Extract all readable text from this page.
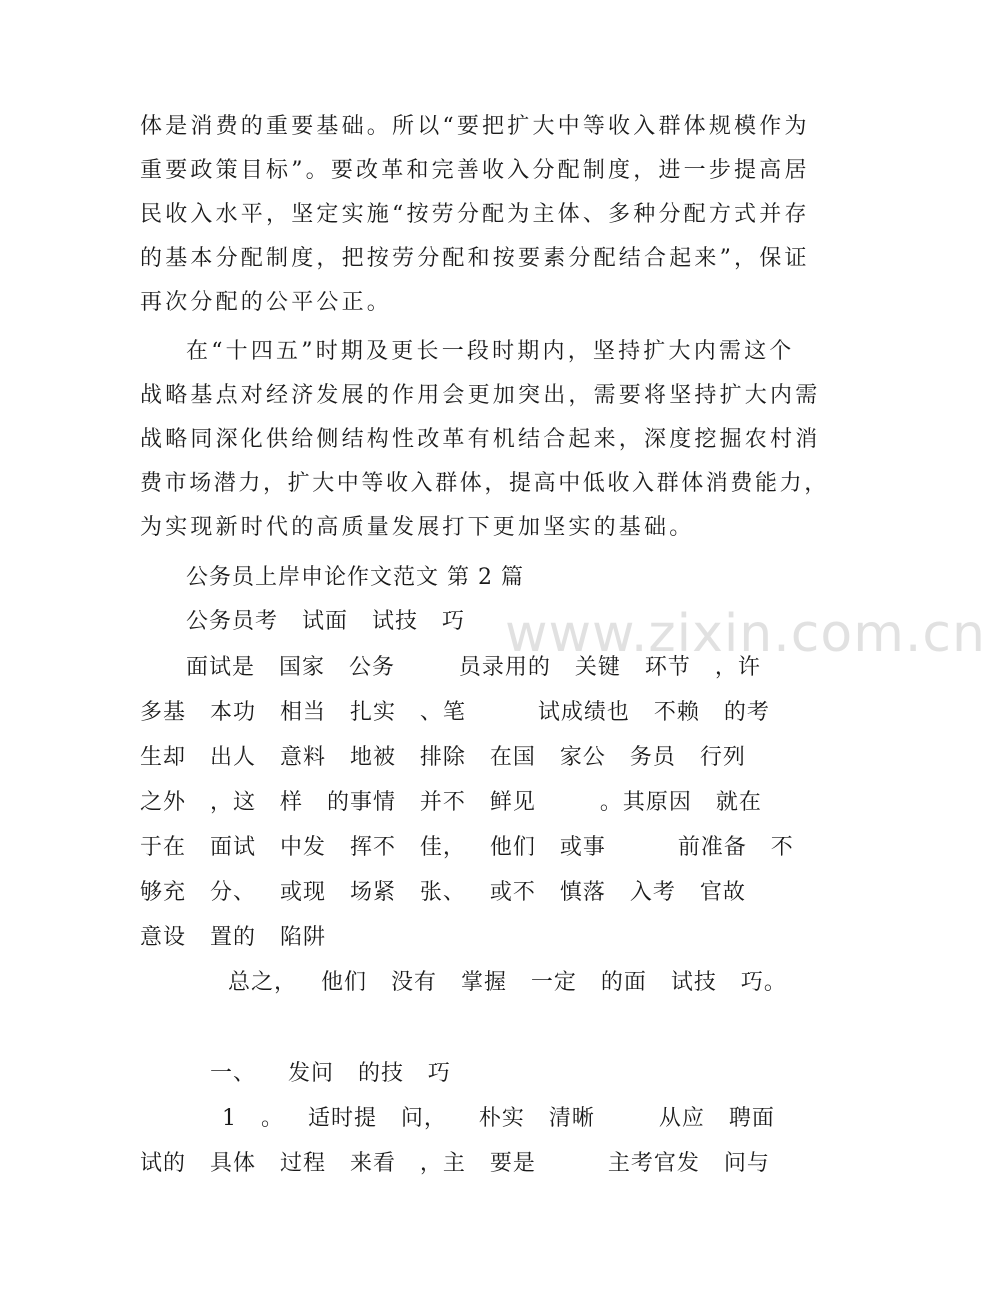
www.zixin.com.cn
体是消费的重要基础。所以“要把扩大中等收入群体规模作为
重要政策目标”。要改革和完善收入分配制度，进一步提高居
民收入水平，坚定实施“按劳分配为主体、多种分配方式并存
的基本分配制度，把按劳分配和按要素分配结合起来”，保证
再次分配的公平公正。
在“十四五”时期及更长一段时期内，坚持扩大内需这个
战略基点对经济发展的作用会更加突出，需要将坚持扩大内需
战略同深化供给侧结构性改革有机结合起来，深度挖掘农村消
费市场潜力，扩大中等收入群体，提高中低收入群体消费能力，
为实现新时代的高质量发展打下更加坚实的基础。
公务员上岸申论作文范文 第 2 篇
公务员考   试面   试技   巧
面试是   国家   公务        员录用的   关键   环节   ，许
多基   本功   相当   扎实   、笔         试成绩也   不赖   的考
生却   出人   意料   地被   排除   在国   家公   务员   行列
之外   ，这   样   的事情   并不   鲜见        。其原因   就在
于在   面试   中发   挥不   佳，   他们   或事         前准备   不
够充   分、   或现   场紧   张、   或不   慎落   入考   官故
意设   置的   陷阱
总之，   他们   没有   掌握   一定   的面   试技   巧。
一、    发问   的技   巧
1   。   适时提   问，    朴实   清晰        从应   聘面
试的   具体   过程   来看   ，主   要是         主考官发   问与
